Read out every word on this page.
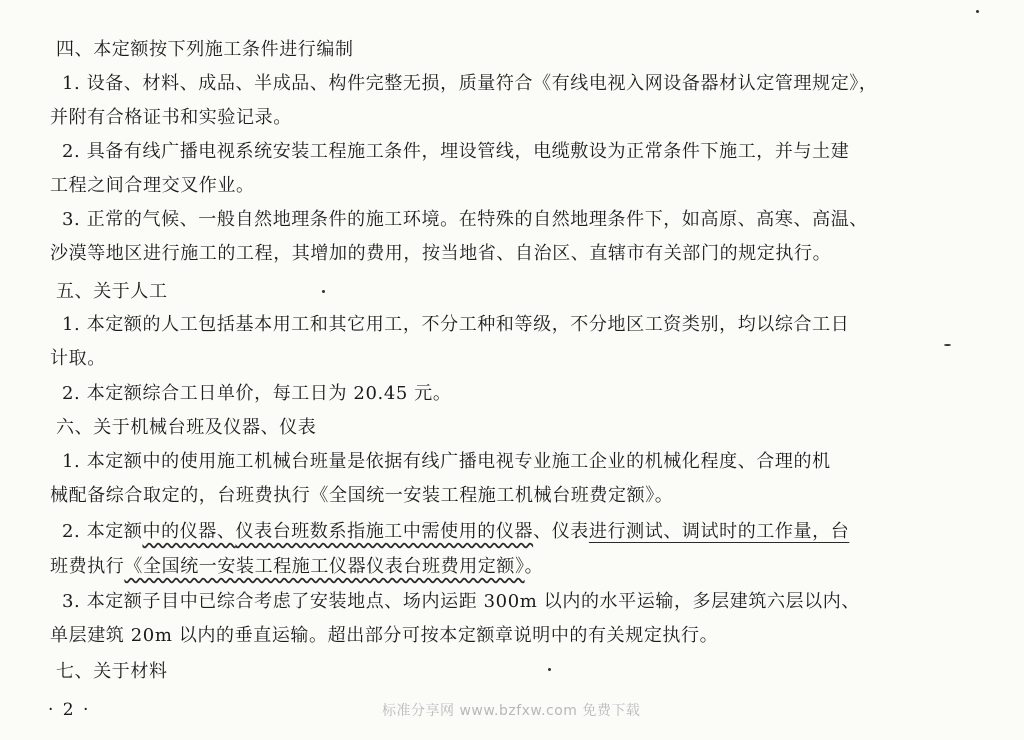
四、本定额按下列施工条件进行编制
1. 设备、材料、成品、半成品、构件完整无损，质量符合《有线电视入网设备器材认定管理规定》，
并附有合格证书和实验记录。
2. 具备有线广播电视系统安装工程施工条件，埋设管线，电缆敷设为正常条件下施工，并与土建
工程之间合理交叉作业。
3. 正常的气候、一般自然地理条件的施工环境。在特殊的自然地理条件下，如高原、高寒、高温、
沙漠等地区进行施工的工程，其增加的费用，按当地省、自治区、直辖市有关部门的规定执行。
五、关于人工
1. 本定额的人工包括基本用工和其它用工，不分工种和等级，不分地区工资类别，均以综合工日
计取。
2. 本定额综合工日单价，每工日为 20.45 元。
六、关于机械台班及仪器、仪表
1. 本定额中的使用施工机械台班量是依据有线广播电视专业施工企业的机械化程度、合理的机
械配备综合取定的，台班费执行《全国统一安装工程施工机械台班费定额》。
2. 本定额中的仪器、仪表台班数系指施工中需使用的仪器、仪表进行测试、调试时的工作量，台
班费执行《全国统一安装工程施工仪器仪表台班费用定额》。
3. 本定额子目中已综合考虑了安装地点、场内运距 300m 以内的水平运输，多层建筑六层以内、
单层建筑 20m 以内的垂直运输。超出部分可按本定额章说明中的有关规定执行。
七、关于材料
· 2 ·	标准分享网 www.bzfxw.com 免费下载
